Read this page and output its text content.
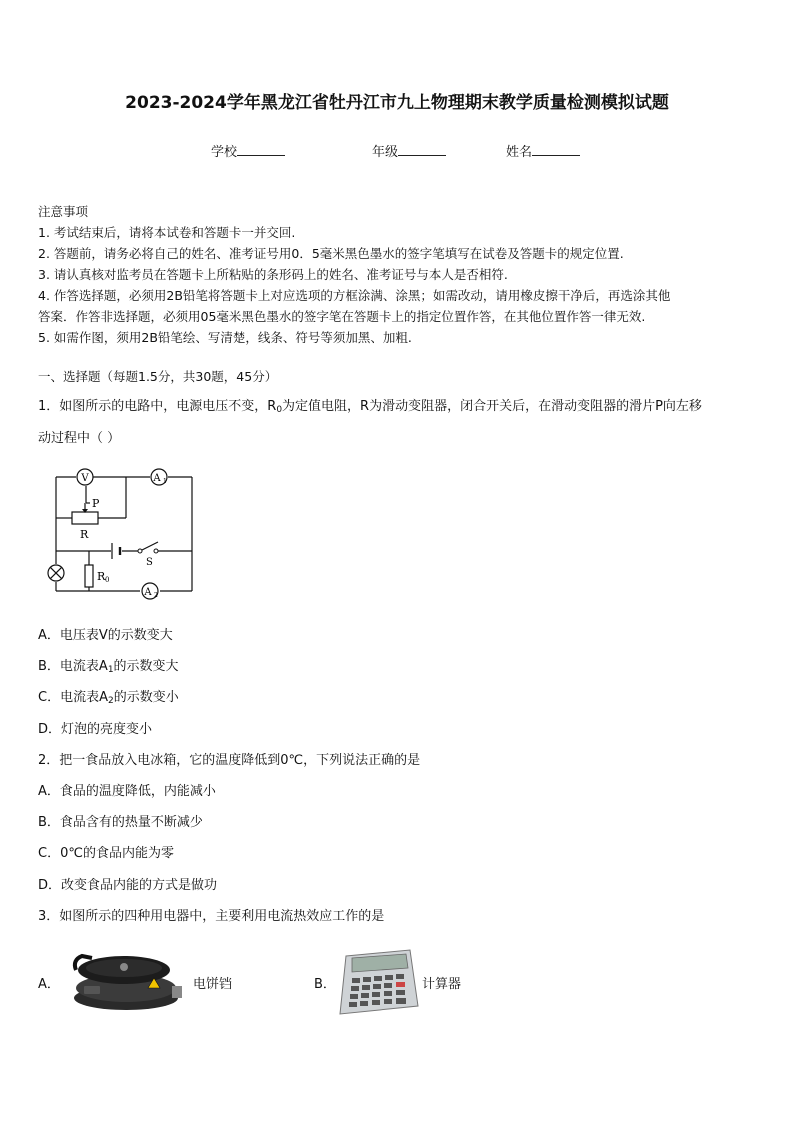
2023-2024学年黑龙江省牡丹江市九上物理期末教学质量检测模拟试题
学校	年级	姓名
注意事项
1. 考试结束后，请将本试卷和答题卡一并交回.
2. 答题前，请务必将自己的姓名、准考证号用0．5毫米黑色墨水的签字笔填写在试卷及答题卡的规定位置.
3. 请认真核对监考员在答题卡上所粘贴的条形码上的姓名、准考证号与本人是否相符.
4. 作答选择题，必须用2B铅笔将答题卡上对应选项的方框涂满、涂黑；如需改动，请用橡皮擦干净后，再选涂其他
答案．作答非选择题，必须用05毫米黑色墨水的签字笔在答题卡上的指定位置作答，在其他位置作答一律无效.
5. 如需作图，须用2B铅笔绘、写清楚，线条、符号等须加黑、加粗.
一、选择题（每题1.5分，共30题，45分）
1．如图所示的电路中，电源电压不变，$R_0$为定值电阻，R为滑动变阻器，闭合开关后，在滑动变阻器的滑片P向左移
动过程中（ ）
V	A 1
A 2
P
R
R 0
S
A．电压表V的示数变大
B．电流表$A_1$的示数变大
C．电流表$A_2$的示数变小
D．灯泡的亮度变小
2．把一食品放入电冰箱，它的温度降低到0℃，下列说法正确的是
A．食品的温度降低，内能减小
B．食品含有的热量不断减少
C．0℃的食品内能为零
D．改变食品内能的方式是做功
3．如图所示的四种用电器中，主要利用电流热效应工作的是
A．	电饼铛	B．	计算器
